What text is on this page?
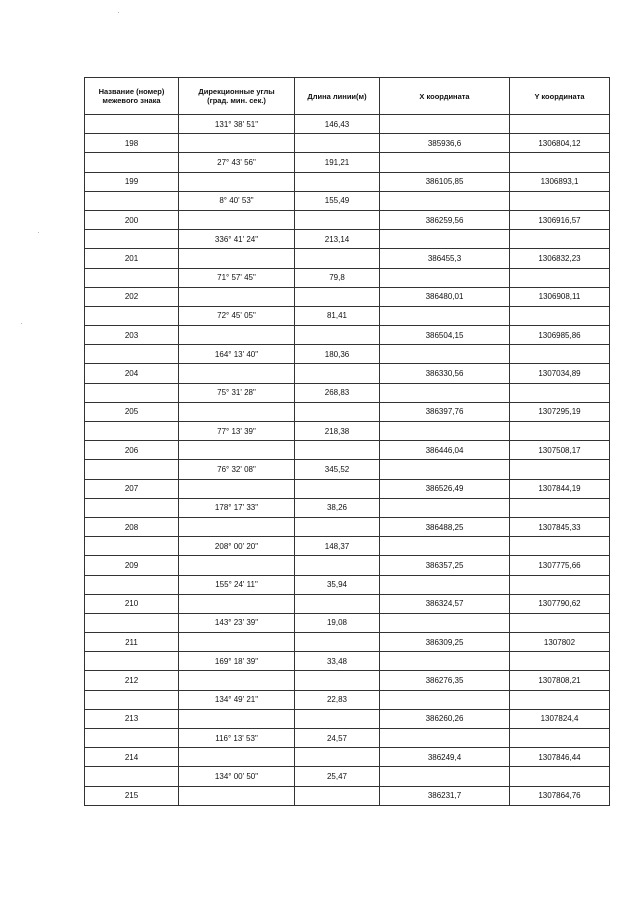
Название (номер)
межевого знака	Дирекционные углы
(град. мин. сек.)	Длина линии(м)	X координата	Y координата
	131° 38' 51"	146,43		
198			385936,6	1306804,12
	27° 43' 56"	191,21		
199			386105,85	1306893,1
	8° 40' 53"	155,49		
200			386259,56	1306916,57
	336° 41' 24"	213,14		
201			386455,3	1306832,23
	71° 57' 45"	79,8		
202			386480,01	1306908,11
	72° 45' 05"	81,41		
203			386504,15	1306985,86
	164° 13' 40"	180,36		
204			386330,56	1307034,89
	75° 31' 28"	268,83		
205			386397,76	1307295,19
	77° 13' 39"	218,38		
206			386446,04	1307508,17
	76° 32' 08"	345,52		
207			386526,49	1307844,19
	178° 17' 33"	38,26		
208			386488,25	1307845,33
	208° 00' 20"	148,37		
209			386357,25	1307775,66
	155° 24' 11"	35,94		
210			386324,57	1307790,62
	143° 23' 39"	19,08		
211			386309,25	1307802
	169° 18' 39"	33,48		
212			386276,35	1307808,21
	134° 49' 21"	22,83		
213			386260,26	1307824,4
	116° 13' 53"	24,57		
214			386249,4	1307846,44
	134° 00' 50"	25,47		
215			386231,7	1307864,76
